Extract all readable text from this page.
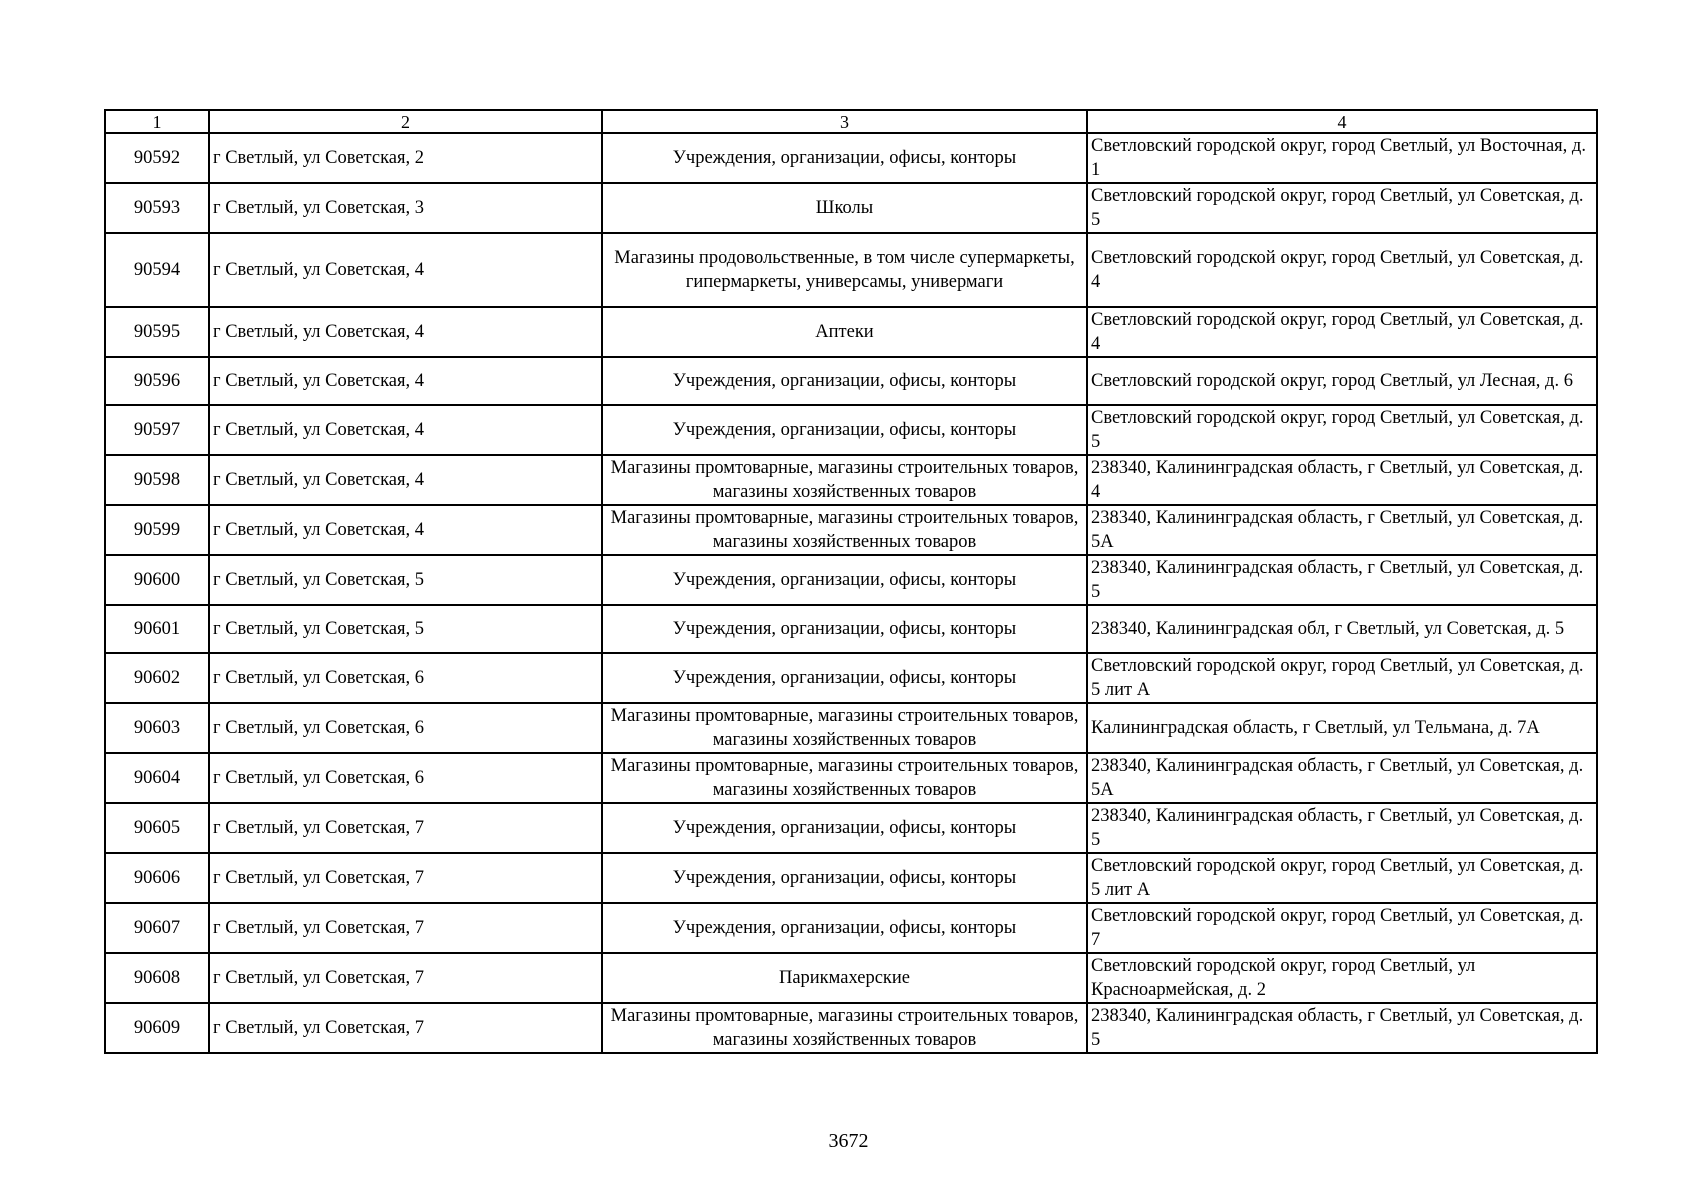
1	2	3	4
90592	г Светлый, ул Советская, 2	Учреждения, организации, офисы, конторы	Светловский городской округ, город Светлый, ул Восточная, д. 1
90593	г Светлый, ул Советская, 3	Школы	Светловский городской округ, город Светлый, ул Советская, д. 5
90594	г Светлый, ул Советская, 4	Магазины продовольственные, в том числе супермаркеты, гипермаркеты, универсамы, универмаги	Светловский городской округ, город Светлый, ул Советская, д. 4
90595	г Светлый, ул Советская, 4	Аптеки	Светловский городской округ, город Светлый, ул Советская, д. 4
90596	г Светлый, ул Советская, 4	Учреждения, организации, офисы, конторы	Светловский городской округ, город Светлый, ул Лесная, д. 6
90597	г Светлый, ул Советская, 4	Учреждения, организации, офисы, конторы	Светловский городской округ, город Светлый, ул Советская, д. 5
90598	г Светлый, ул Советская, 4	Магазины промтоварные, магазины строительных товаров, магазины хозяйственных товаров	238340, Калининградская область, г Светлый, ул Советская, д. 4
90599	г Светлый, ул Советская, 4	Магазины промтоварные, магазины строительных товаров, магазины хозяйственных товаров	238340, Калининградская область, г Светлый, ул Советская, д. 5А
90600	г Светлый, ул Советская, 5	Учреждения, организации, офисы, конторы	238340, Калининградская область, г Светлый, ул Советская, д. 5
90601	г Светлый, ул Советская, 5	Учреждения, организации, офисы, конторы	238340, Калининградская обл, г Светлый, ул Советская, д. 5
90602	г Светлый, ул Советская, 6	Учреждения, организации, офисы, конторы	Светловский городской округ, город Светлый, ул Советская, д. 5 лит А
90603	г Светлый, ул Советская, 6	Магазины промтоварные, магазины строительных товаров, магазины хозяйственных товаров	Калининградская область, г Светлый, ул Тельмана, д. 7А
90604	г Светлый, ул Советская, 6	Магазины промтоварные, магазины строительных товаров, магазины хозяйственных товаров	238340, Калининградская область, г Светлый, ул Советская, д. 5А
90605	г Светлый, ул Советская, 7	Учреждения, организации, офисы, конторы	238340, Калининградская область, г Светлый, ул Советская, д. 5
90606	г Светлый, ул Советская, 7	Учреждения, организации, офисы, конторы	Светловский городской округ, город Светлый, ул Советская, д. 5 лит А
90607	г Светлый, ул Советская, 7	Учреждения, организации, офисы, конторы	Светловский городской округ, город Светлый, ул Советская, д. 7
90608	г Светлый, ул Советская, 7	Парикмахерские	Светловский городской округ, город Светлый, ул Красноармейская, д. 2
90609	г Светлый, ул Советская, 7	Магазины промтоварные, магазины строительных товаров, магазины хозяйственных товаров	238340, Калининградская область, г Светлый, ул Советская, д. 5
3672
